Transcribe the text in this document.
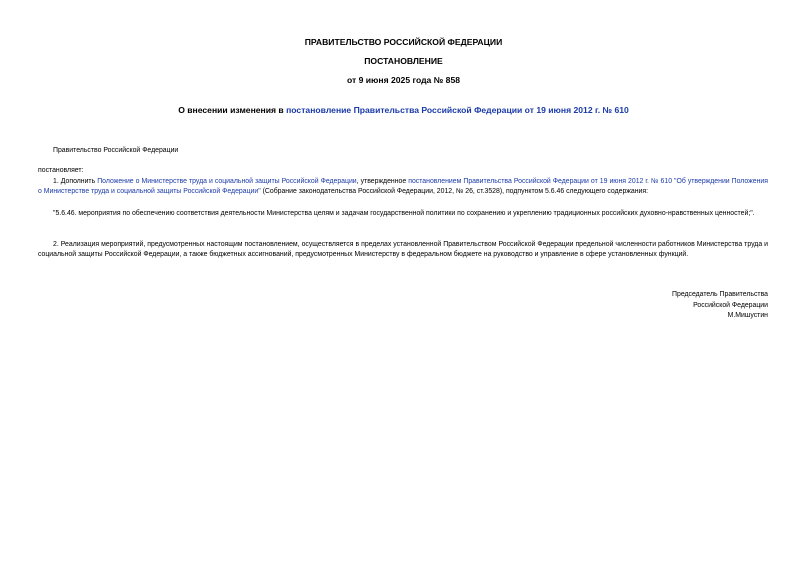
ПРАВИТЕЛЬСТВО РОССИЙСКОЙ ФЕДЕРАЦИИ
ПОСТАНОВЛЕНИЕ
от 9 июня 2025 года № 858
О внесении изменения в постановление Правительства Российской Федерации от 19 июня 2012 г. № 610
Правительство Российской Федерации
постановляет:
1. Дополнить Положение о Министерстве труда и социальной защиты Российской Федерации, утвержденное постановлением Правительства Российской Федерации от 19 июня 2012 г. № 610 "Об утверждении Положения о Министерстве труда и социальной защиты Российской Федерации" (Собрание законодательства Российской Федерации, 2012, № 26, ст.3528), подпунктом 5.6.46 следующего содержания:
"5.6.46. мероприятия по обеспечению соответствия деятельности Министерства целям и задачам государственной политики по сохранению и укреплению традиционных российских духовно-нравственных ценностей;".
2. Реализация мероприятий, предусмотренных настоящим постановлением, осуществляется в пределах установленной Правительством Российской Федерации предельной численности работников Министерства труда и социальной защиты Российской Федерации, а также бюджетных ассигнований, предусмотренных Министерству в федеральном бюджете на руководство и управление в сфере установленных функций.
Председатель Правительства
Российской Федерации
М.Мишустин
